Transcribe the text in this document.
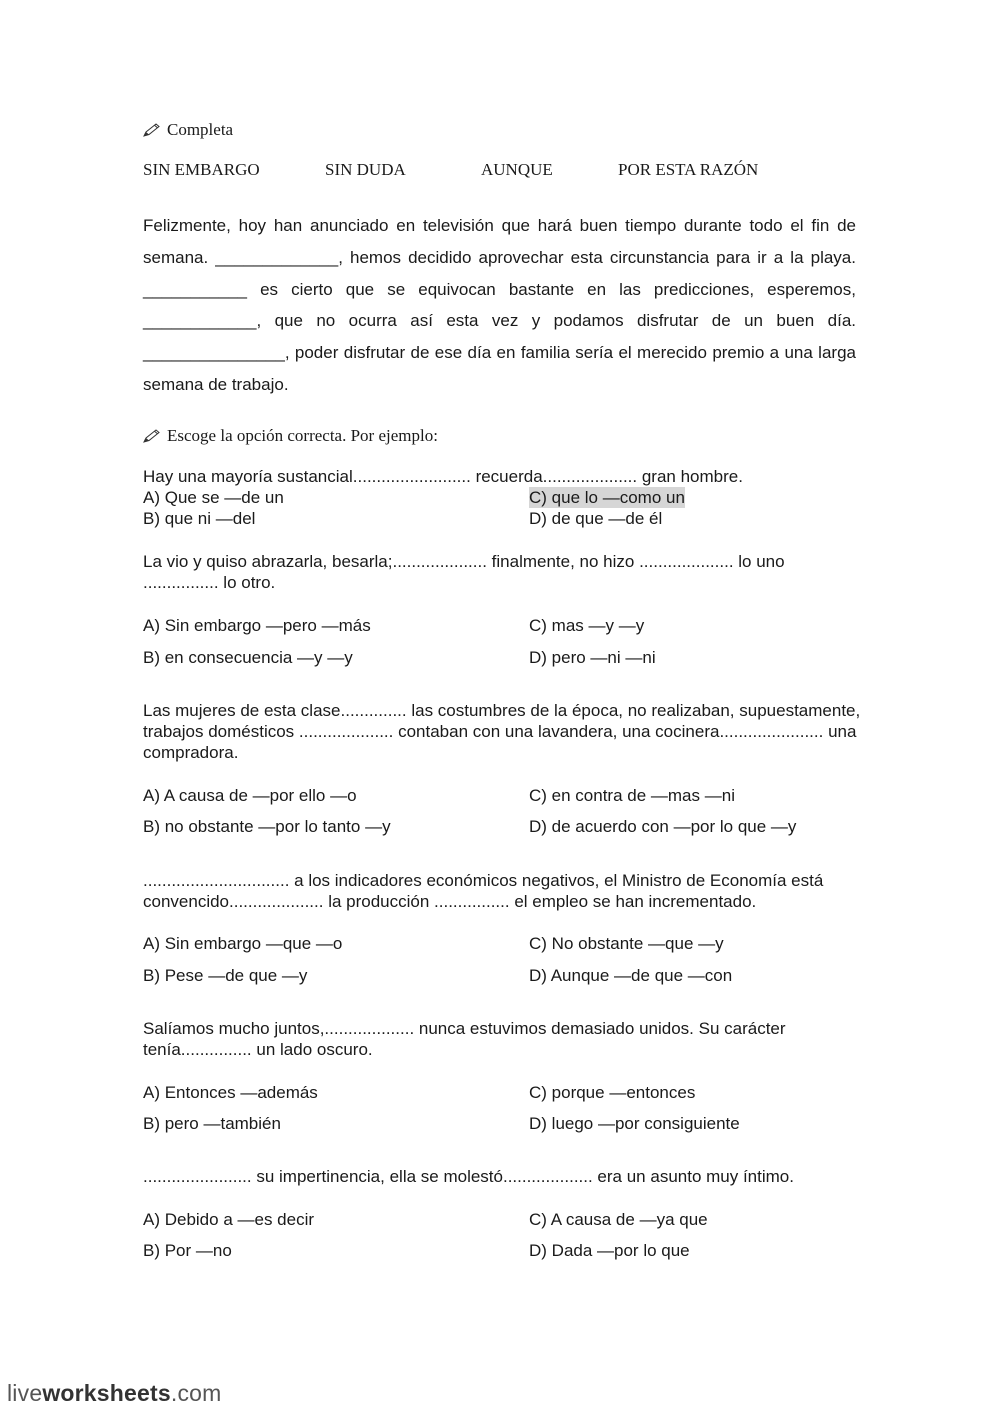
Completa
SIN EMBARGO	SIN DUDA	AUNQUE	POR ESTA RAZÓN

Felizmente, hoy han anunciado en televisión que hará buen tiempo durante todo el fin de semana. _____________, hemos decidido aprovechar esta circunstancia para ir a la playa. ___________ es cierto que se equivocan bastante en las predicciones, esperemos, ____________, que no ocurra así esta vez y podamos disfrutar de un buen día. _______________, poder disfrutar de ese día en familia sería el merecido premio a una larga semana de trabajo.

Escoge la opción correcta. Por ejemplo:

Hay una mayoría sustancial......................... recuerda.................... gran hombre.

A) Que se —de un	C) que lo —como un
B) que ni —del	D) de que —de él

La vio y quiso abrazarla, besarla;.................... finalmente, no hizo .................... lo uno ................ lo otro.

A) Sin embargo —pero —más	C) mas —y —y
B) en consecuencia —y —y	D) pero —ni —ni

Las mujeres de esta clase.............. las costumbres de la época, no realizaban, supuestamente, trabajos domésticos .................... contaban con una lavandera, una cocinera...................... una compradora.

A) A causa de —por ello —o	C) en contra de —mas —ni
B) no obstante —por lo tanto —y	D) de acuerdo con —por lo que —y

............................... a los indicadores económicos negativos, el Ministro de Economía está convencido.................... la producción ................ el empleo se han incrementado.

A) Sin embargo —que —o	C) No obstante —que —y
B) Pese —de que —y	D) Aunque —de que —con

Salíamos mucho juntos,................... nunca estuvimos demasiado unidos. Su carácter tenía............... un lado oscuro.

A) Entonces —además	C) porque —entonces
B) pero —también	D) luego —por consiguiente

....................... su impertinencia, ella se molestó................... era un asunto muy íntimo.

A) Debido a —es decir	C) A causa de —ya que
B) Por —no	D) Dada —por lo que
liveworksheets.com
